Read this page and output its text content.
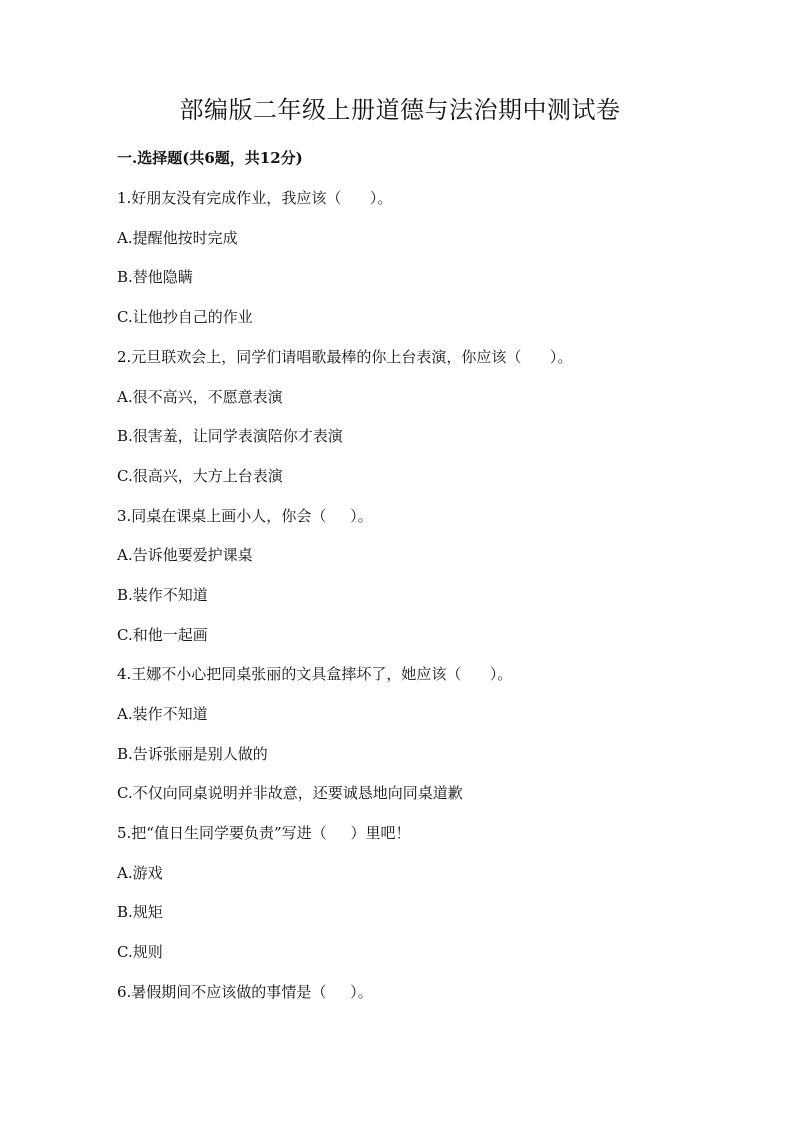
部编版二年级上册道德与法治期中测试卷
一.选择题(共6题，共12分)
1.好朋友没有完成作业，我应该（      ）。
A.提醒他按时完成
B.替他隐瞒
C.让他抄自己的作业
2.元旦联欢会上，同学们请唱歌最棒的你上台表演，你应该（      ）。
A.很不高兴，不愿意表演
B.很害羞，让同学表演陪你才表演
C.很高兴，大方上台表演
3.同桌在课桌上画小人，你会（     ）。
A.告诉他要爱护课桌
B.装作不知道
C.和他一起画
4.王娜不小心把同桌张丽的文具盒摔坏了，她应该（      ）。
A.装作不知道
B.告诉张丽是别人做的
C.不仅向同桌说明并非故意，还要诚恳地向同桌道歉
5.把“值日生同学要负责”写进（     ）里吧！
A.游戏
B.规矩
C.规则
6.暑假期间不应该做的事情是（     ）。
